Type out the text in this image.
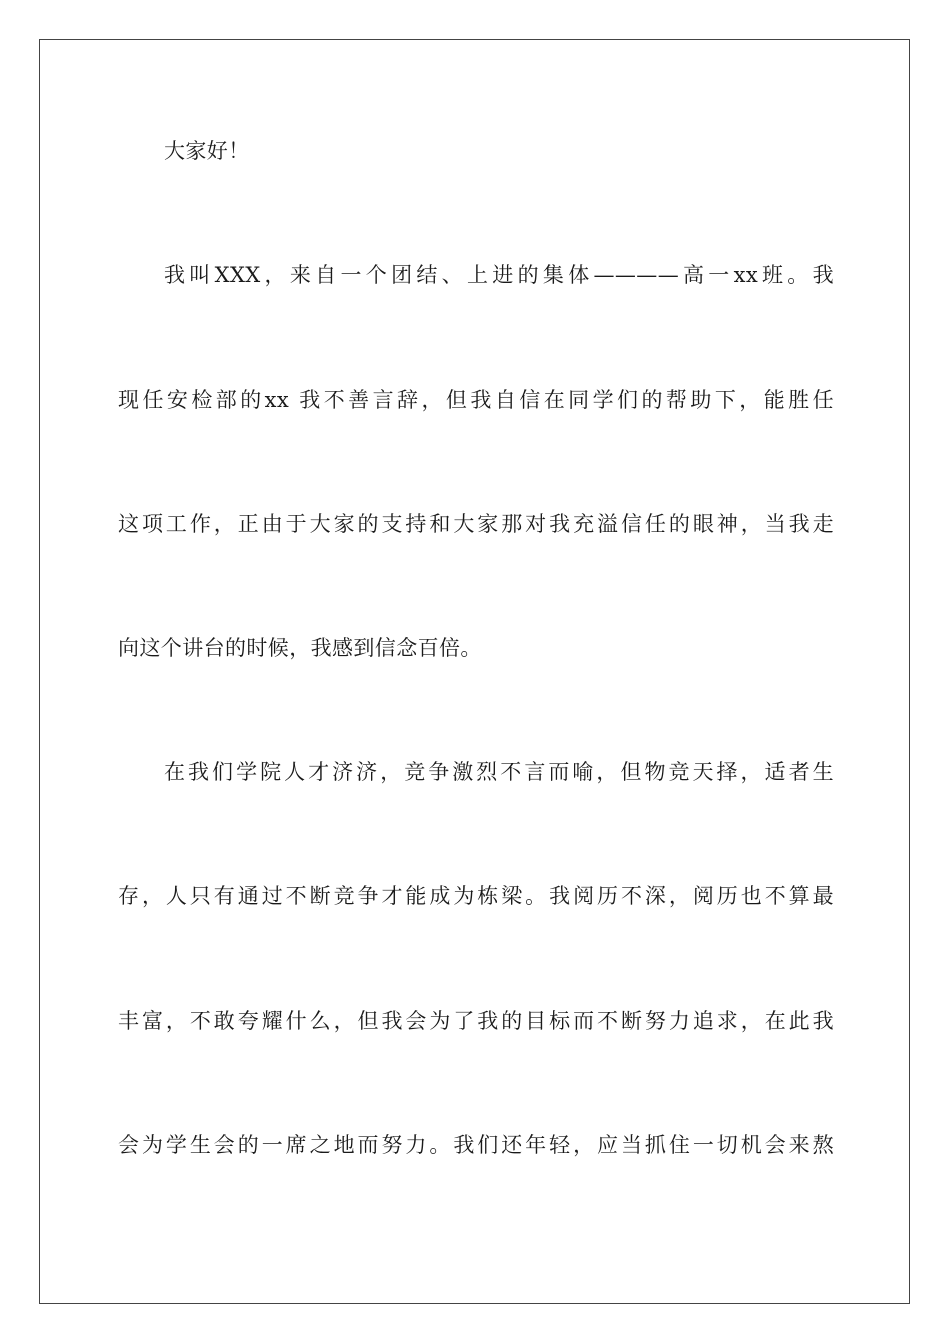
大家好！
我叫XXX，来自一个团结、上进的集体————高一xx班。我
现任安检部的xx 我不善言辞，但我自信在同学们的帮助下，能胜任
这项工作，正由于大家的支持和大家那对我充溢信任的眼神，当我走
向这个讲台的时候，我感到信念百倍。
在我们学院人才济济，竞争激烈不言而喻，但物竞天择，适者生
存，人只有通过不断竞争才能成为栋梁。我阅历不深，阅历也不算最
丰富，不敢夸耀什么，但我会为了我的目标而不断努力追求，在此我
会为学生会的一席之地而努力。我们还年轻，应当抓住一切机会来熬
